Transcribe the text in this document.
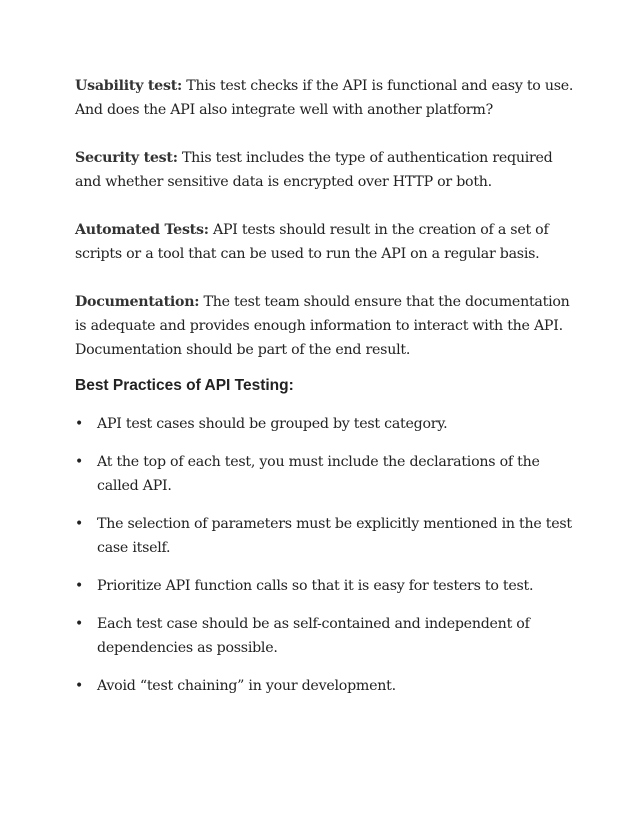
Usability test: This test checks if the API is functional and easy to use. And does the API also integrate well with another platform?

Security test: This test includes the type of authentication required and whether sensitive data is encrypted over HTTP or both.

Automated Tests: API tests should result in the creation of a set of scripts or a tool that can be used to run the API on a regular basis.

Documentation: The test team should ensure that the documentation is adequate and provides enough information to interact with the API. Documentation should be part of the end result.

Best Practices of API Testing:
• API test cases should be grouped by test category.
• At the top of each test, you must include the declarations of the called API.
• The selection of parameters must be explicitly mentioned in the test case itself.
• Prioritize API function calls so that it is easy for testers to test.
• Each test case should be as self-contained and independent of dependencies as possible.
• Avoid “test chaining” in your development.
